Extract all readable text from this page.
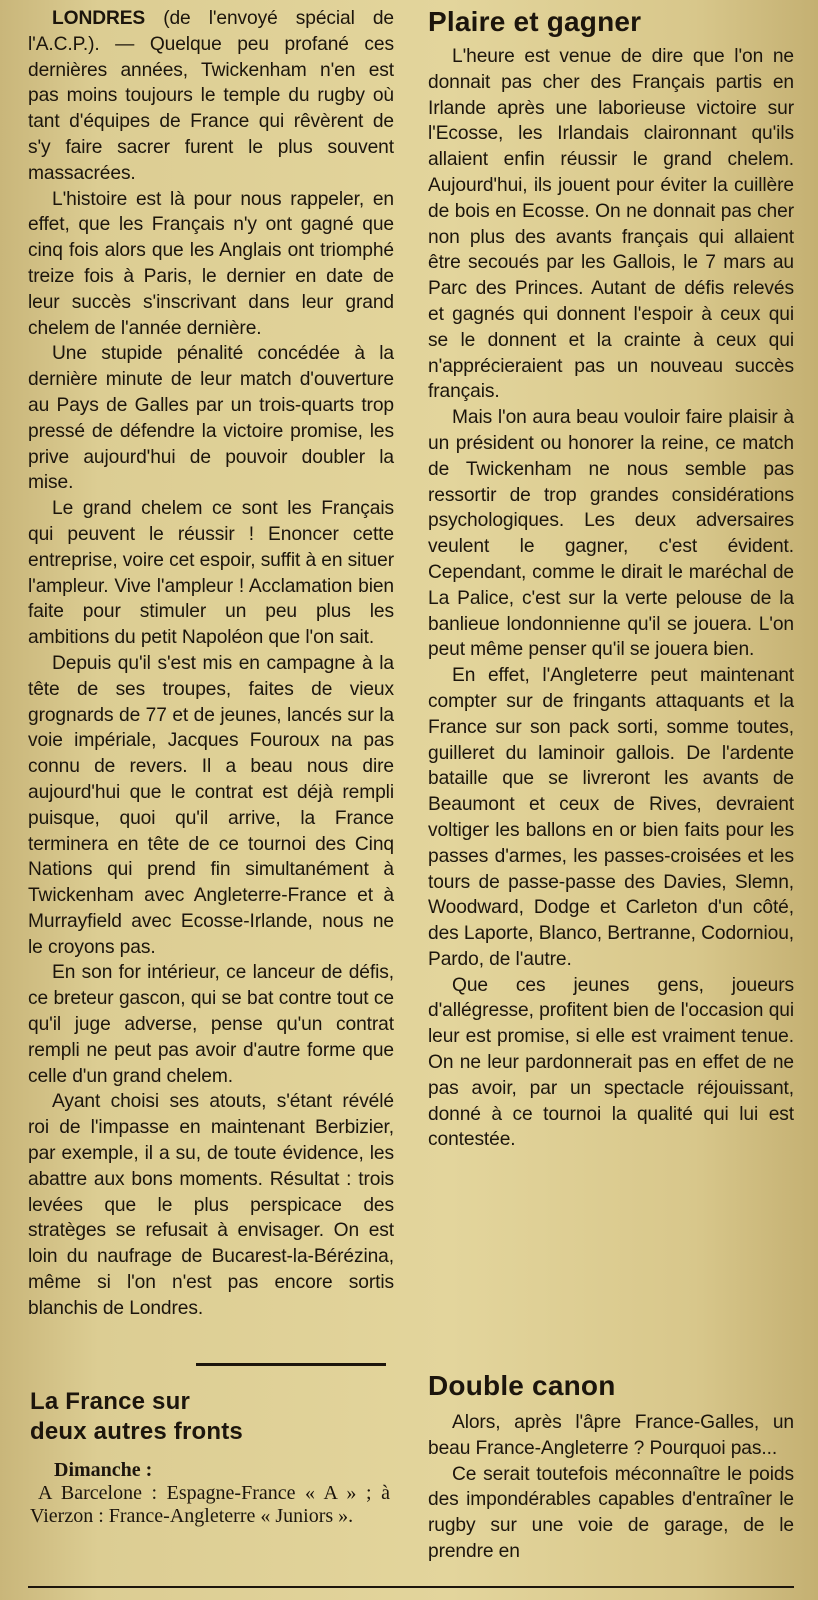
LONDRES (de l'envoyé spécial de l'A.C.P.). — Quelque peu profané ces dernières années, Twickenham n'en est pas moins toujours le temple du rugby où tant d'équipes de France qui rêvèrent de s'y faire sacrer furent le plus souvent massacrées.

L'histoire est là pour nous rappeler, en effet, que les Français n'y ont gagné que cinq fois alors que les Anglais ont triomphé treize fois à Paris, le dernier en date de leur succès s'inscrivant dans leur grand chelem de l'année dernière.

Une stupide pénalité concédée à la dernière minute de leur match d'ouverture au Pays de Galles par un trois-quarts trop pressé de défendre la victoire promise, les prive aujourd'hui de pouvoir doubler la mise.

Le grand chelem ce sont les Français qui peuvent le réussir ! Enoncer cette entreprise, voire cet espoir, suffit à en situer l'ampleur. Vive l'ampleur ! Acclamation bien faite pour stimuler un peu plus les ambitions du petit Napoléon que l'on sait.

Depuis qu'il s'est mis en campagne à la tête de ses troupes, faites de vieux grognards de 77 et de jeunes, lancés sur la voie impériale, Jacques Fouroux na pas connu de revers. Il a beau nous dire aujourd'hui que le contrat est déjà rempli puisque, quoi qu'il arrive, la France terminera en tête de ce tournoi des Cinq Nations qui prend fin simultanément à Twickenham avec Angleterre-France et à Murrayfield avec Ecosse-Irlande, nous ne le croyons pas.

En son for intérieur, ce lanceur de défis, ce breteur gascon, qui se bat contre tout ce qu'il juge adverse, pense qu'un contrat rempli ne peut pas avoir d'autre forme que celle d'un grand chelem.

Ayant choisi ses atouts, s'étant révélé roi de l'impasse en maintenant Berbizier, par exemple, il a su, de toute évidence, les abattre aux bons moments. Résultat : trois levées que le plus perspicace des stratèges se refusait à envisager. On est loin du naufrage de Bucarest-la-Bérézina, même si l'on n'est pas encore sortis blanchis de Londres.

Plaire et gagner

L'heure est venue de dire que l'on ne donnait pas cher des Français partis en Irlande après une laborieuse victoire sur l'Ecosse, les Irlandais claironnant qu'ils allaient enfin réussir le grand chelem. Aujourd'hui, ils jouent pour éviter la cuillère de bois en Ecosse. On ne donnait pas cher non plus des avants français qui allaient être secoués par les Gallois, le 7 mars au Parc des Princes. Autant de défis relevés et gagnés qui donnent l'espoir à ceux qui se le donnent et la crainte à ceux qui n'apprécieraient pas un nouveau succès français.

Mais l'on aura beau vouloir faire plaisir à un président ou honorer la reine, ce match de Twickenham ne nous semble pas ressortir de trop grandes considérations psychologiques. Les deux adversaires veulent le gagner, c'est évident. Cependant, comme le dirait le maréchal de La Palice, c'est sur la verte pelouse de la banlieue londonnienne qu'il se jouera. L'on peut même penser qu'il se jouera bien.

En effet, l'Angleterre peut maintenant compter sur de fringants attaquants et la France sur son pack sorti, somme toutes, guilleret du laminoir gallois. De l'ardente bataille que se livreront les avants de Beaumont et ceux de Rives, devraient voltiger les ballons en or bien faits pour les passes d'armes, les passes-croisées et les tours de passe-passe des Davies, Slemn, Woodward, Dodge et Carleton d'un côté, des Laporte, Blanco, Bertranne, Codorniou, Pardo, de l'autre.

Que ces jeunes gens, joueurs d'allégresse, profitent bien de l'occasion qui leur est promise, si elle est vraiment tenue. On ne leur pardonnerait pas en effet de ne pas avoir, par un spectacle réjouissant, donné à ce tournoi la qualité qui lui est contestée.

La France sur
deux autres fronts
Dimanche :
A Barcelone : Espagne-France « A » ; à Vierzon : France-Angleterre « Juniors ».
Double canon

Alors, après l'âpre France-Galles, un beau France-Angleterre ? Pourquoi pas...

Ce serait toutefois méconnaître le poids des impondérables capables d'entraîner le rugby sur une voie de garage, de le prendre en
